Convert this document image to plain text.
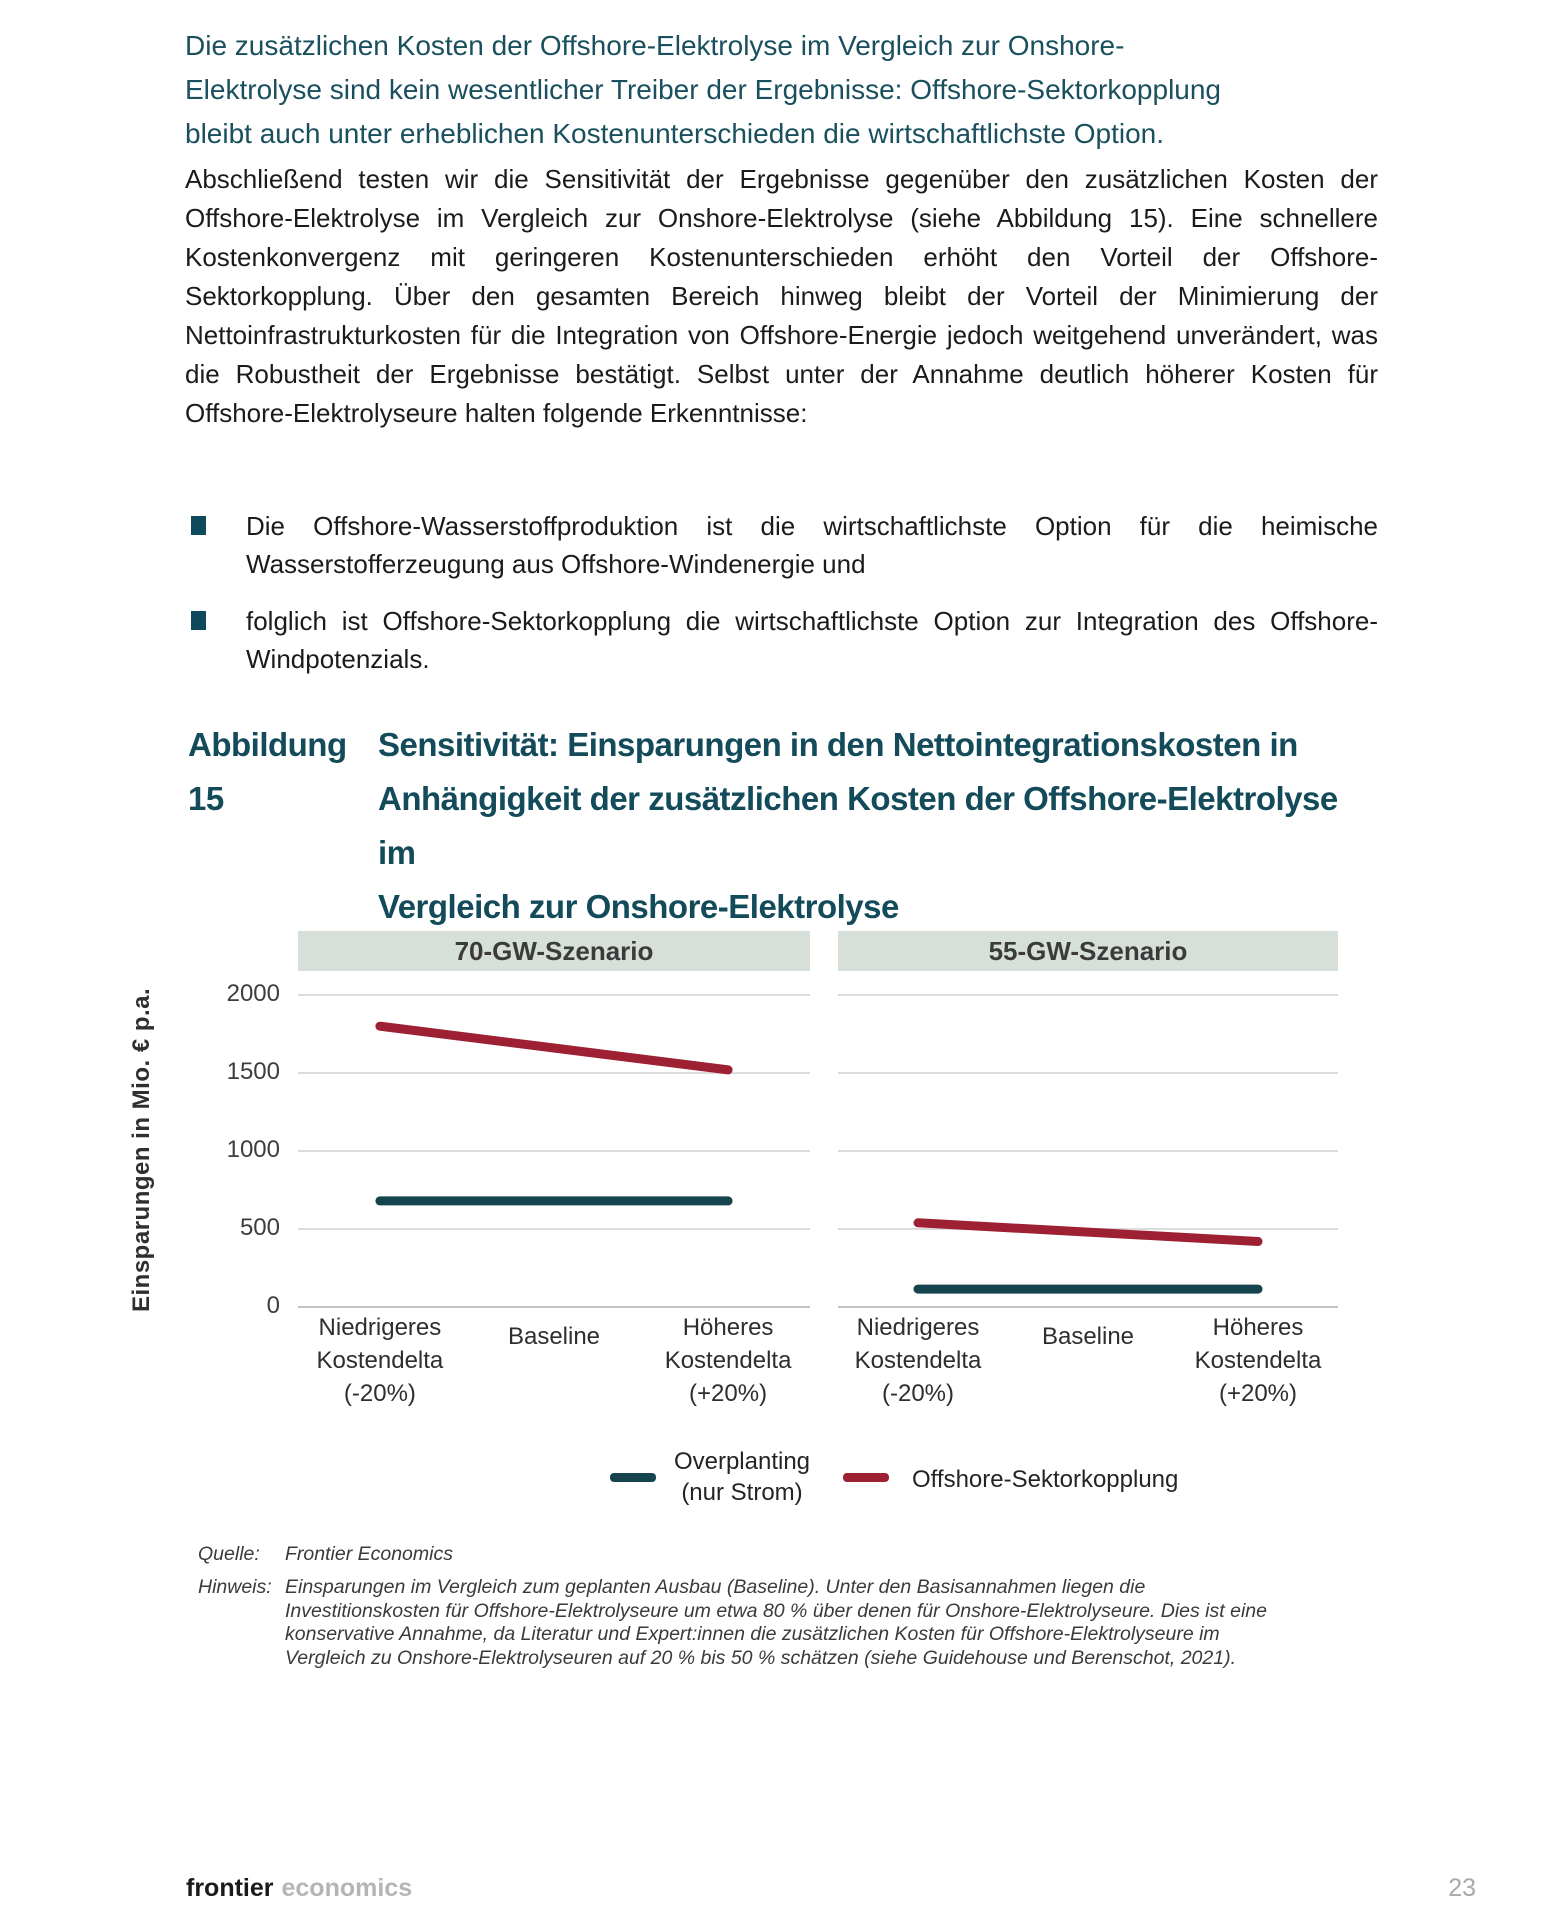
Die zusätzlichen Kosten der Offshore-Elektrolyse im Vergleich zur Onshore-
Elektrolyse sind kein wesentlicher Treiber der Ergebnisse: Offshore-Sektorkopplung
bleibt auch unter erheblichen Kostenunterschieden die wirtschaftlichste Option.
Abschließend testen wir die Sensitivität der Ergebnisse gegenüber den zusätzlichen Kosten der Offshore-Elektrolyse im Vergleich zur Onshore-Elektrolyse (siehe Abbildung 15). Eine schnellere Kostenkonvergenz mit geringeren Kostenunterschieden erhöht den Vorteil der Offshore-Sektorkopplung. Über den gesamten Bereich hinweg bleibt der Vorteil der Minimierung der Nettoinfrastrukturkosten für die Integration von Offshore-Energie jedoch weitgehend unverändert, was die Robustheit der Ergebnisse bestätigt. Selbst unter der Annahme deutlich höherer Kosten für Offshore-Elektrolyseure halten folgende Erkenntnisse:
Die Offshore-Wasserstoffproduktion ist die wirtschaftlichste Option für die heimische Wasserstofferzeugung aus Offshore-Windenergie und
folglich ist Offshore-Sektorkopplung die wirtschaftlichste Option zur Integration des Offshore-Windpotenzials.
Abbildung 15
Sensitivität: Einsparungen in den Nettointegrationskosten in
Anhängigkeit der zusätzlichen Kosten der Offshore-Elektrolyse im
Vergleich zur Onshore-Elektrolyse
Einsparungen in Mio. € p.a.
70-GW-Szenario	55-GW-Szenario
0
500
1000
1500
2000
Niedrigeres
Kostendelta
(-20%)
Baseline	Höheres
Kostendelta
(+20%)
Niedrigeres
Kostendelta
(-20%)
Baseline	Höheres
Kostendelta
(+20%)
Overplanting
(nur Strom)	Offshore-Sektorkopplung
Quelle: Frontier Economics
Hinweis: Einsparungen im Vergleich zum geplanten Ausbau (Baseline). Unter den Basisannahmen liegen die
Investitionskosten für Offshore-Elektrolyseure um etwa 80 % über denen für Onshore-Elektrolyseure. Dies ist eine
konservative Annahme, da Literatur und Expert:innen die zusätzlichen Kosten für Offshore-Elektrolyseure im
Vergleich zu Onshore-Elektrolyseuren auf 20 % bis 50 % schätzen (siehe Guidehouse und Berenschot, 2021).
frontier economics	23
